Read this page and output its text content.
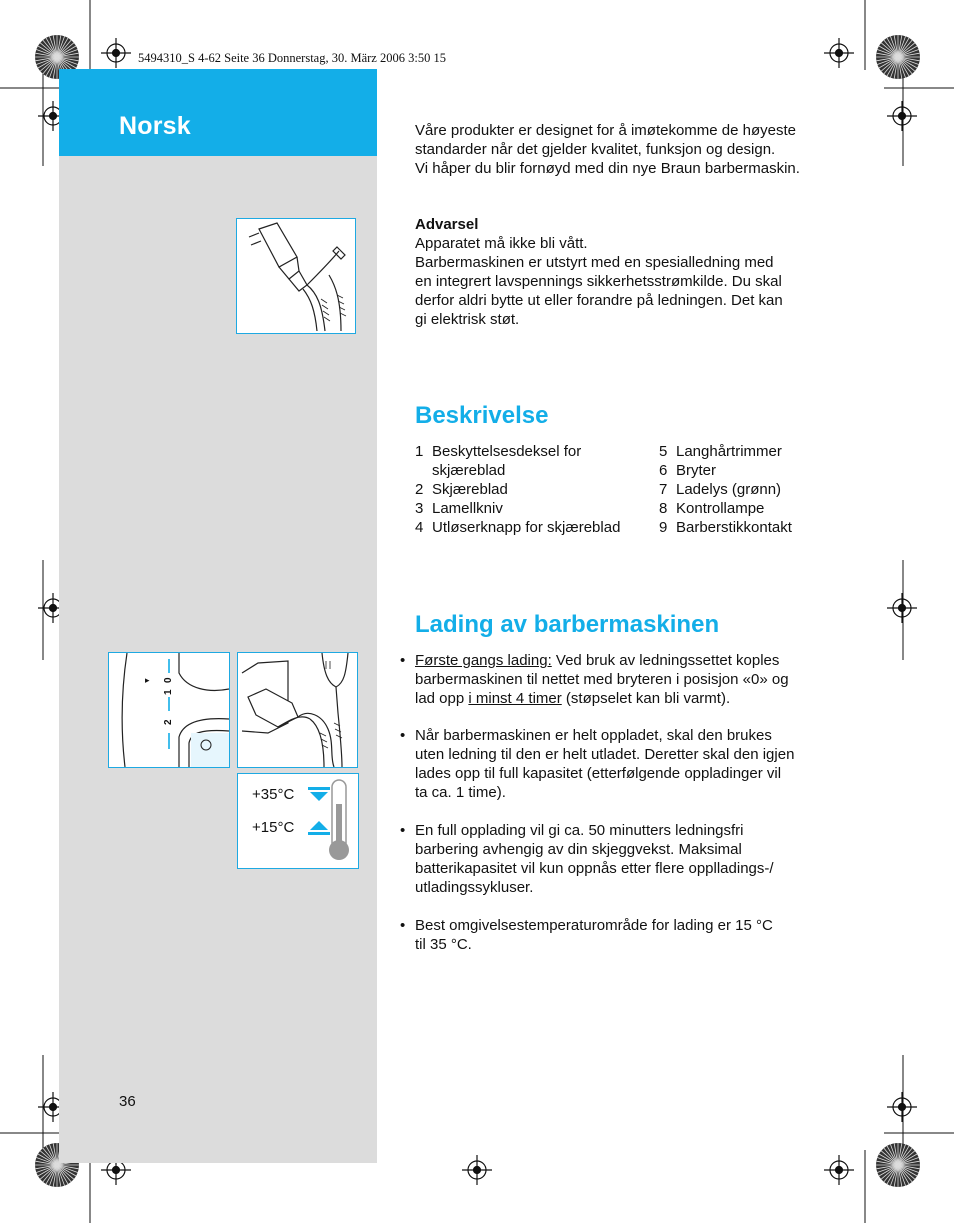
Norsk
5494310_S 4-62 Seite 36 Donnerstag, 30. März 2006 3:50 15
Våre produkter er designet for å imøtekomme de høyeste
standarder når det gjelder kvalitet, funksjon og design.
Vi håper du blir fornøyd med din nye Braun barbermaskin.
Advarsel
Apparatet må ikke bli vått.
Barbermaskinen er utstyrt med en spesialledning med
en integrert lavspennings sikkerhetsstrømkilde. Du skal
derfor aldri bytte ut eller forandre på ledningen. Det kan
gi elektrisk støt.
Beskrivelse
1 Beskyttelsesdeksel for
skjæreblad
2 Skjæreblad
3 Lamellkniv
4 Utløserknapp for skjæreblad
5 Langhårtrimmer
6 Bryter
7 Ladelys (grønn)
8 Kontrollampe
9 Barberstikkontakt
Lading av barbermaskinen
• Første gangs lading: Ved bruk av ledningssettet koples
barbermaskinen til nettet med bryteren i posisjon «0» og
lad opp i minst 4 timer (støpselet kan bli varmt).
• Når barbermaskinen er helt oppladet, skal den brukes
uten ledning til den er helt utladet. Deretter skal den igjen
lades opp til full kapasitet (etterfølgende oppladinger vil
ta ca. 1 time).
• En full opplading vil gi ca. 50 minutters ledningsfri
barbering avhengig av din skjeggvekst. Maksimal
batterikapasitet vil kun oppnås etter flere opplladings-/
utladingssykluser.
• Best omgivelsestemperaturområde for lading er 15 °C
til 35 °C.
▸
2
1
0
+35°C
+15°C
36
